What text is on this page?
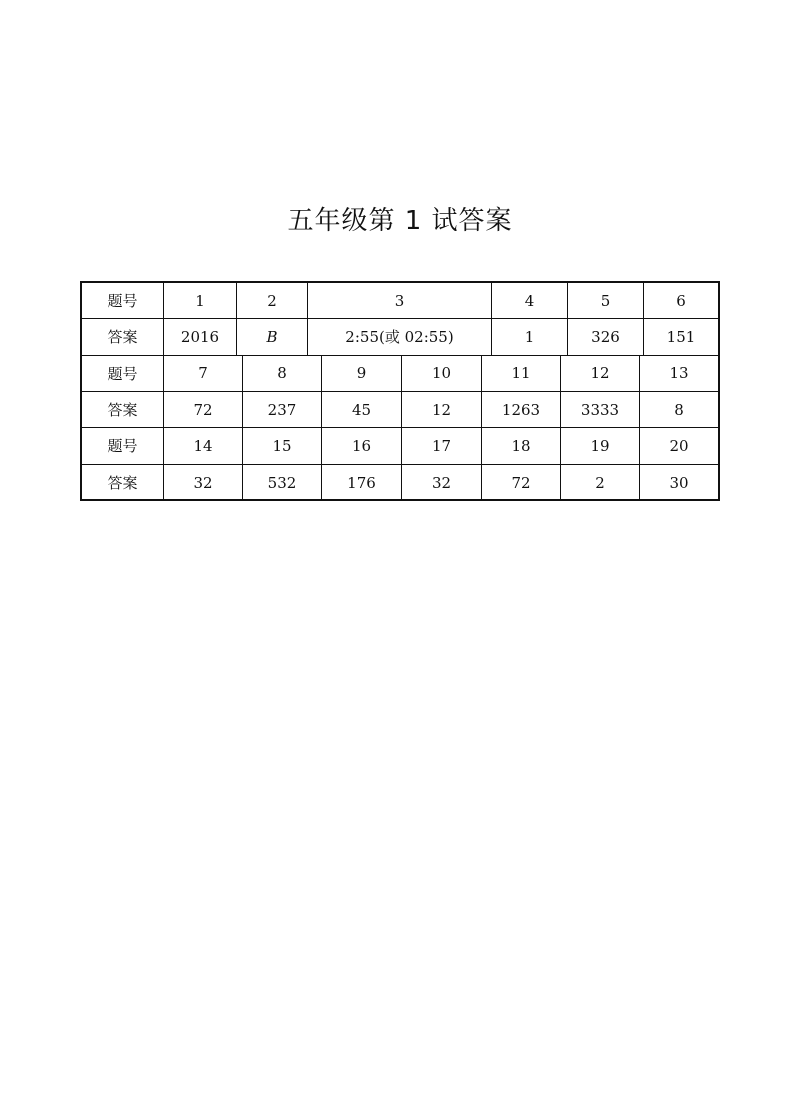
五年级第 1 试答案
题号	1	2	3	4	5	6
答案	2016	B	2:55(或 02:55)	1	326	151
题号	7	8	9	10	11	12	13
答案	72	237	45	12	1263	3333	8
题号	14	15	16	17	18	19	20
答案	32	532	176	32	72	2	30
